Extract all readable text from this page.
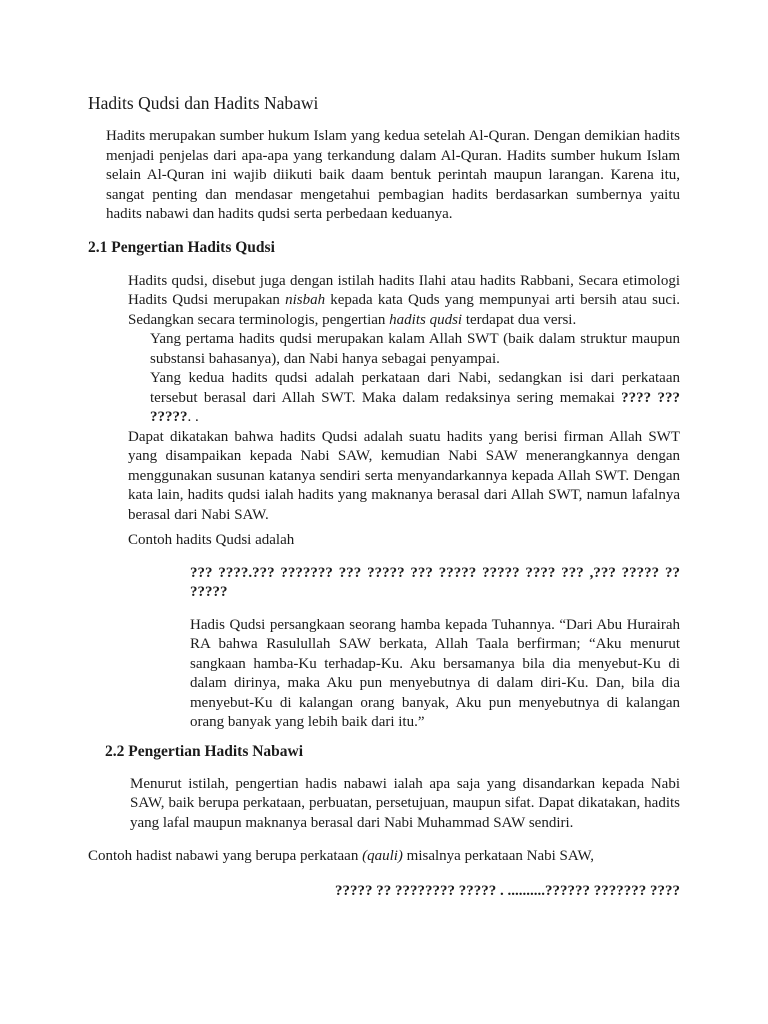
Hadits Qudsi dan Hadits Nabawi

Hadits merupakan sumber hukum Islam yang kedua setelah Al-Quran. Dengan demikian hadits menjadi penjelas dari apa-apa yang terkandung dalam Al-Quran. Hadits sumber hukum Islam selain Al-Quran ini wajib diikuti baik daam bentuk perintah maupun larangan. Karena itu, sangat penting dan mendasar mengetahui pembagian hadits berdasarkan sumbernya yaitu hadits nabawi dan hadits qudsi serta perbedaan keduanya.

2.1 Pengertian Hadits Qudsi

Hadits qudsi, disebut juga dengan istilah hadits Ilahi atau hadits Rabbani, Secara etimologi Hadits Qudsi merupakan nisbah kepada kata Quds yang mempunyai arti bersih atau suci. Sedangkan secara terminologis, pengertian hadits qudsi terdapat dua versi.

Yang pertama hadits qudsi merupakan kalam Allah SWT (baik dalam struktur maupun substansi bahasanya), dan Nabi hanya sebagai penyampai.

Yang kedua hadits qudsi adalah perkataan dari Nabi, sedangkan isi dari perkataan tersebut berasal dari Allah SWT. Maka dalam redaksinya sering memakai ???? ??? ?????. .

Dapat dikatakan bahwa hadits Qudsi adalah suatu hadits yang berisi firman Allah SWT yang disampaikan kepada Nabi SAW, kemudian Nabi SAW menerangkannya dengan menggunakan susunan katanya sendiri serta menyandarkannya kepada Allah SWT. Dengan kata lain, hadits qudsi ialah hadits yang maknanya berasal dari Allah SWT, namun lafalnya berasal dari Nabi SAW.

Contoh hadits Qudsi adalah

??? ????.??? ??????? ??? ????? ??? ????? ????? ???? ??? ,??? ????? ?? ?????

Hadis Qudsi persangkaan seorang hamba kepada Tuhannya. “Dari Abu Hurairah RA bahwa Rasulullah SAW berkata, Allah Taala berfirman; “Aku menurut sangkaan hamba-Ku terhadap-Ku. Aku bersamanya bila dia menyebut-Ku di dalam dirinya, maka Aku pun menyebutnya di dalam diri-Ku. Dan, bila dia menyebut-Ku di kalangan orang banyak, Aku pun menyebutnya di kalangan orang banyak yang lebih baik dari itu.”

2.2 Pengertian Hadits Nabawi

Menurut istilah, pengertian hadis nabawi ialah apa saja yang disandarkan kepada Nabi SAW, baik berupa perkataan, perbuatan, persetujuan, maupun sifat. Dapat dikatakan, hadits yang lafal maupun maknanya berasal dari Nabi Muhammad SAW sendiri.

Contoh hadist nabawi yang berupa perkataan (qauli) misalnya perkataan Nabi SAW,

????? ?? ???????? ????? . ..........?????? ??????? ????
